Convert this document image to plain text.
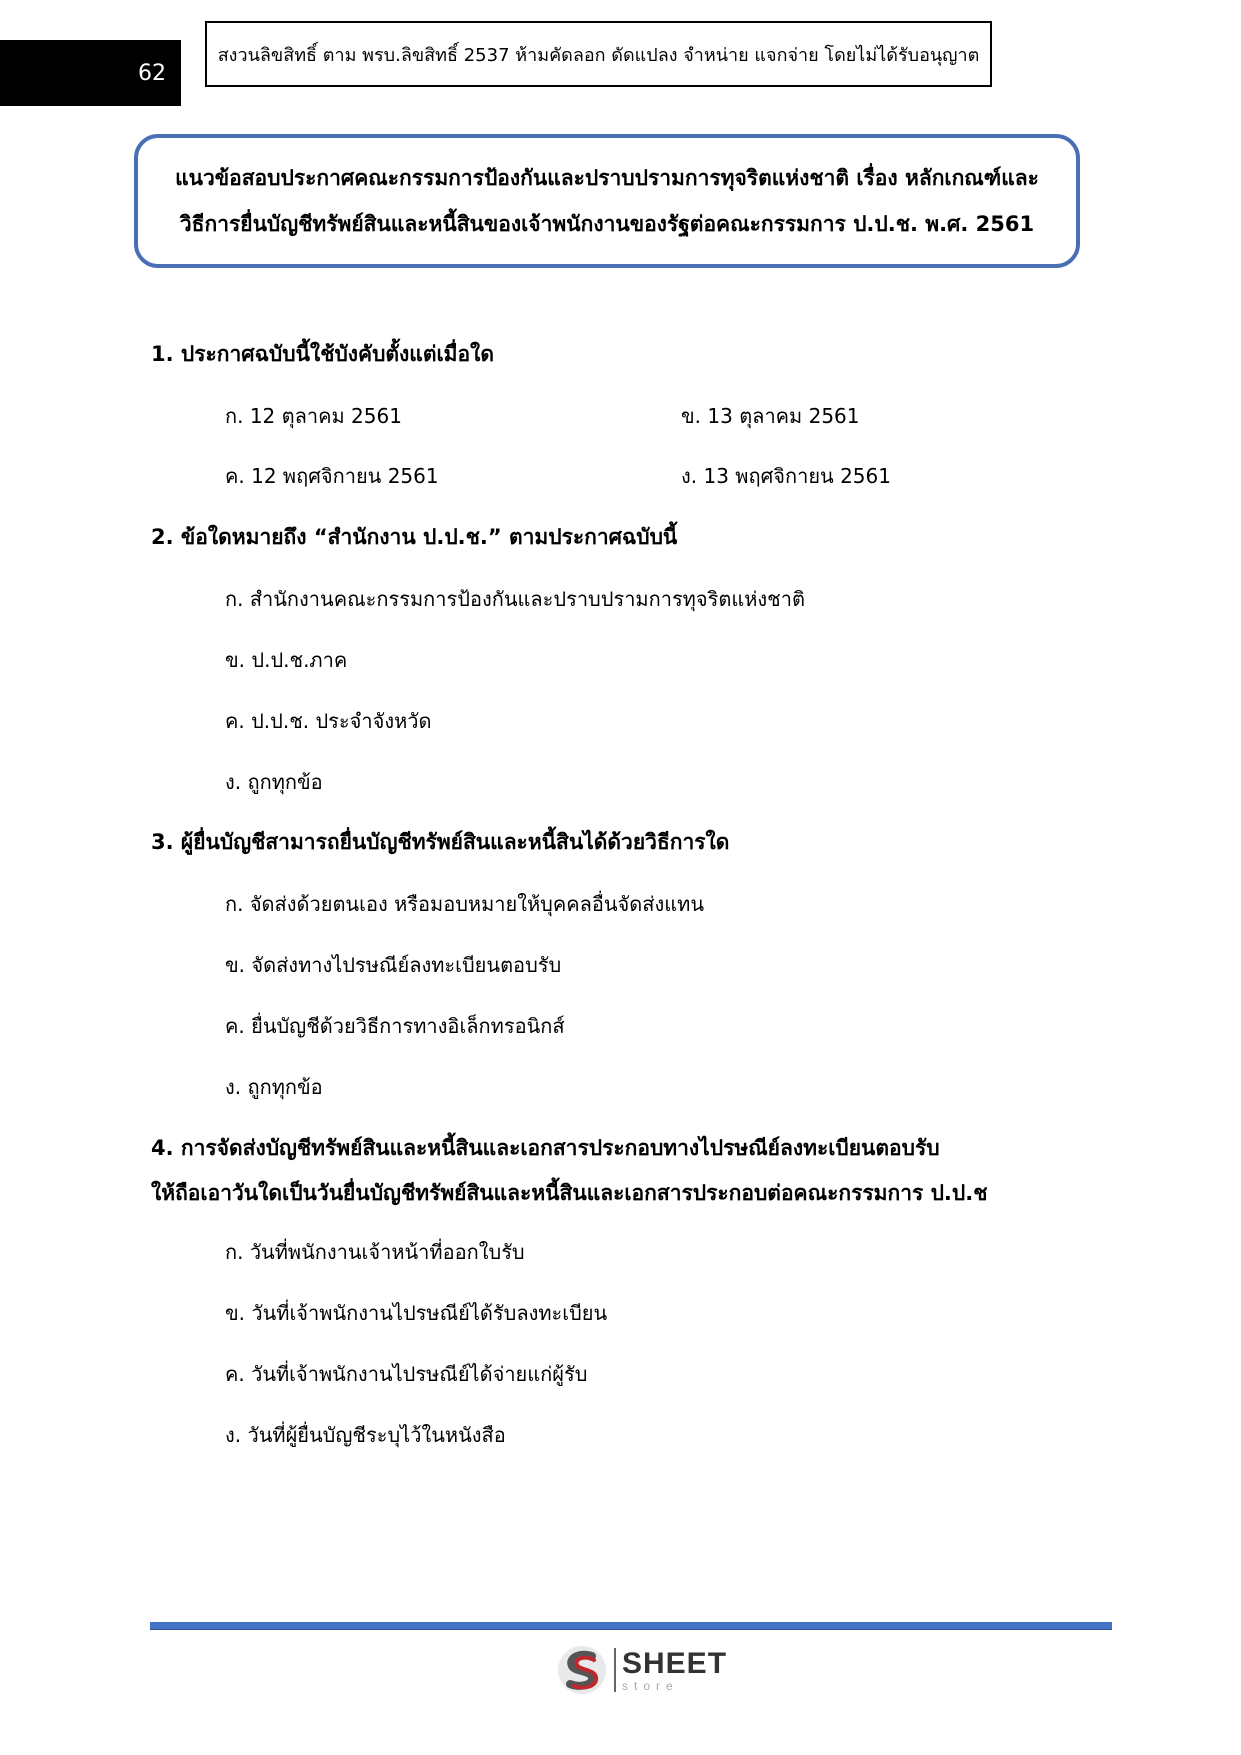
62
สงวนลิขสิทธิ์ ตาม พรบ.ลิขสิทธิ์ 2537 ห้ามคัดลอก ดัดแปลง จำหน่าย แจกจ่าย โดยไม่ได้รับอนุญาต
แนวข้อสอบประกาศคณะกรรมการป้องกันและปราบปรามการทุจริตแห่งชาติ เรื่อง หลักเกณฑ์และ
วิธีการยื่นบัญชีทรัพย์สินและหนี้สินของเจ้าพนักงานของรัฐต่อคณะกรรมการ ป.ป.ช. พ.ศ. 2561
1. ประกาศฉบับนี้ใช้บังคับตั้งแต่เมื่อใด
ก. 12 ตุลาคม 2561	ข. 13 ตุลาคม 2561
ค. 12 พฤศจิกายน 2561	ง. 13 พฤศจิกายน 2561
2. ข้อใดหมายถึง “สำนักงาน ป.ป.ช.” ตามประกาศฉบับนี้
ก. สำนักงานคณะกรรมการป้องกันและปราบปรามการทุจริตแห่งชาติ
ข. ป.ป.ช.ภาค
ค. ป.ป.ช. ประจำจังหวัด
ง. ถูกทุกข้อ
3. ผู้ยื่นบัญชีสามารถยื่นบัญชีทรัพย์สินและหนี้สินได้ด้วยวิธีการใด
ก. จัดส่งด้วยตนเอง หรือมอบหมายให้บุคคลอื่นจัดส่งแทน
ข. จัดส่งทางไปรษณีย์ลงทะเบียนตอบรับ
ค. ยื่นบัญชีด้วยวิธีการทางอิเล็กทรอนิกส์
ง. ถูกทุกข้อ
4. การจัดส่งบัญชีทรัพย์สินและหนี้สินและเอกสารประกอบทางไปรษณีย์ลงทะเบียนตอบรับ
ให้ถือเอาวันใดเป็นวันยื่นบัญชีทรัพย์สินและหนี้สินและเอกสารประกอบต่อคณะกรรมการ ป.ป.ช
ก. วันที่พนักงานเจ้าหน้าที่ออกใบรับ
ข. วันที่เจ้าพนักงานไปรษณีย์ได้รับลงทะเบียน
ค. วันที่เจ้าพนักงานไปรษณีย์ได้จ่ายแก่ผู้รับ
ง. วันที่ผู้ยื่นบัญชีระบุไว้ในหนังสือ
SHEET
store
